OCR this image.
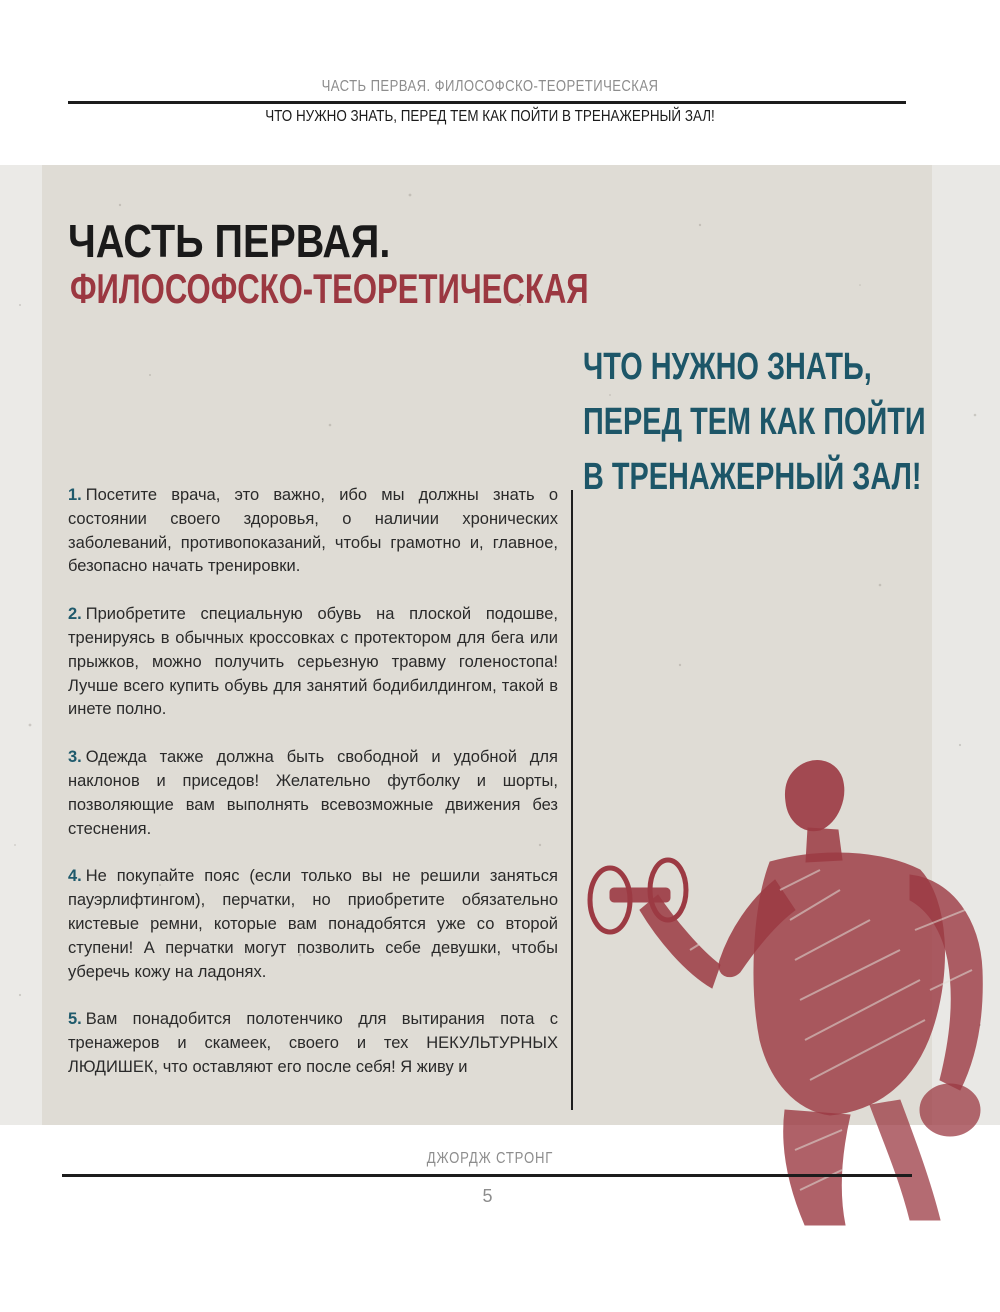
ЧАСТЬ ПЕРВАЯ. ФИЛОСОФСКО-ТЕОРЕТИЧЕСКАЯ
ЧТО НУЖНО ЗНАТЬ, ПЕРЕД ТЕМ КАК ПОЙТИ В ТРЕНАЖЕРНЫЙ ЗАЛ!
ЧАСТЬ ПЕРВАЯ.
ФИЛОСОФСКО-ТЕОРЕТИЧЕСКАЯ
ЧТО НУЖНО ЗНАТЬ,
ПЕРЕД ТЕМ КАК ПОЙТИ
В ТРЕНАЖЕРНЫЙ ЗАЛ!

1. Посетите врача, это важно, ибо мы должны знать о состоянии своего здоровья, о наличии хронических заболеваний, противопоказаний, чтобы грамотно и, главное, безопасно начать тренировки.

2. Приобретите специальную обувь на плоской подошве, тренируясь в обычных кроссовках с протектором для бега или прыжков, можно получить серьезную травму голеностопа! Лучше всего купить обувь для занятий бодибилдингом, такой в инете полно.

3. Одежда также должна быть свободной и удобной для наклонов и приседов! Желательно футболку и шорты, позволяющие вам выполнять всевозможные движения без стеснения.

4. Не покупайте пояс (если только вы не решили заняться пауэрлифтингом), перчатки, но приобретите обязательно кистевые ремни, которые вам понадобятся уже со второй ступени! А перчатки могут позволить себе девушки, чтобы уберечь кожу на ладонях.

5. Вам понадобится полотенчико для вытирания пота с тренажеров и скамеек, своего и тех НЕКУЛЬТУРНЫХ ЛЮДИШЕК, что оставляют его после себя! Я живу и

ДЖОРДЖ СТРОНГ
5
